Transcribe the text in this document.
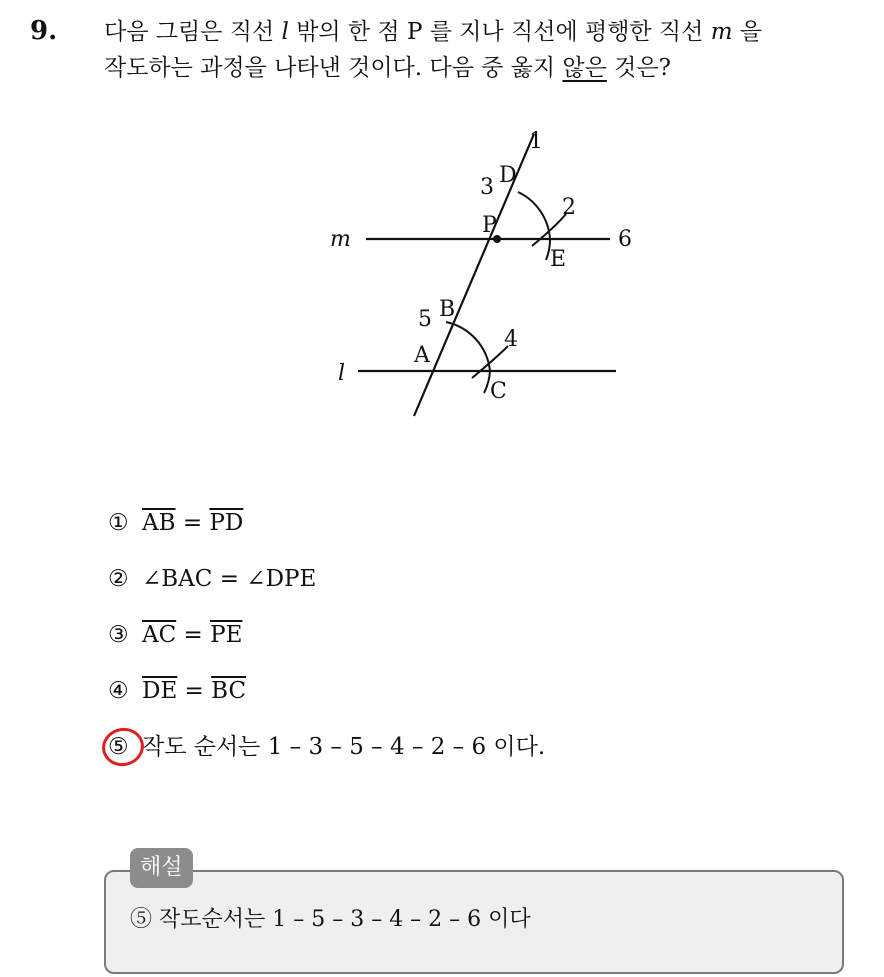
9. 다음 그림은 직선 l 밖의 한 점 P 를 지나 직선에 평행한 직선 m 을
작도하는 과정을 나타낸 것이다. 다음 중 옳지 않은 것은?

1
3 D
2
P
E
m	6
5 B
4
A
l
C
① $\overline{AB} = \overline{PD}$
② ∠BAC = ∠DPE
③ $\overline{AC} = \overline{PE}$
④ $\overline{DE} = \overline{BC}$
⑤ 작도 순서는 1 – 3 – 5 – 4 – 2 – 6 이다.
해설
⑤ 작도순서는 1 – 5 – 3 – 4 – 2 – 6 이다
